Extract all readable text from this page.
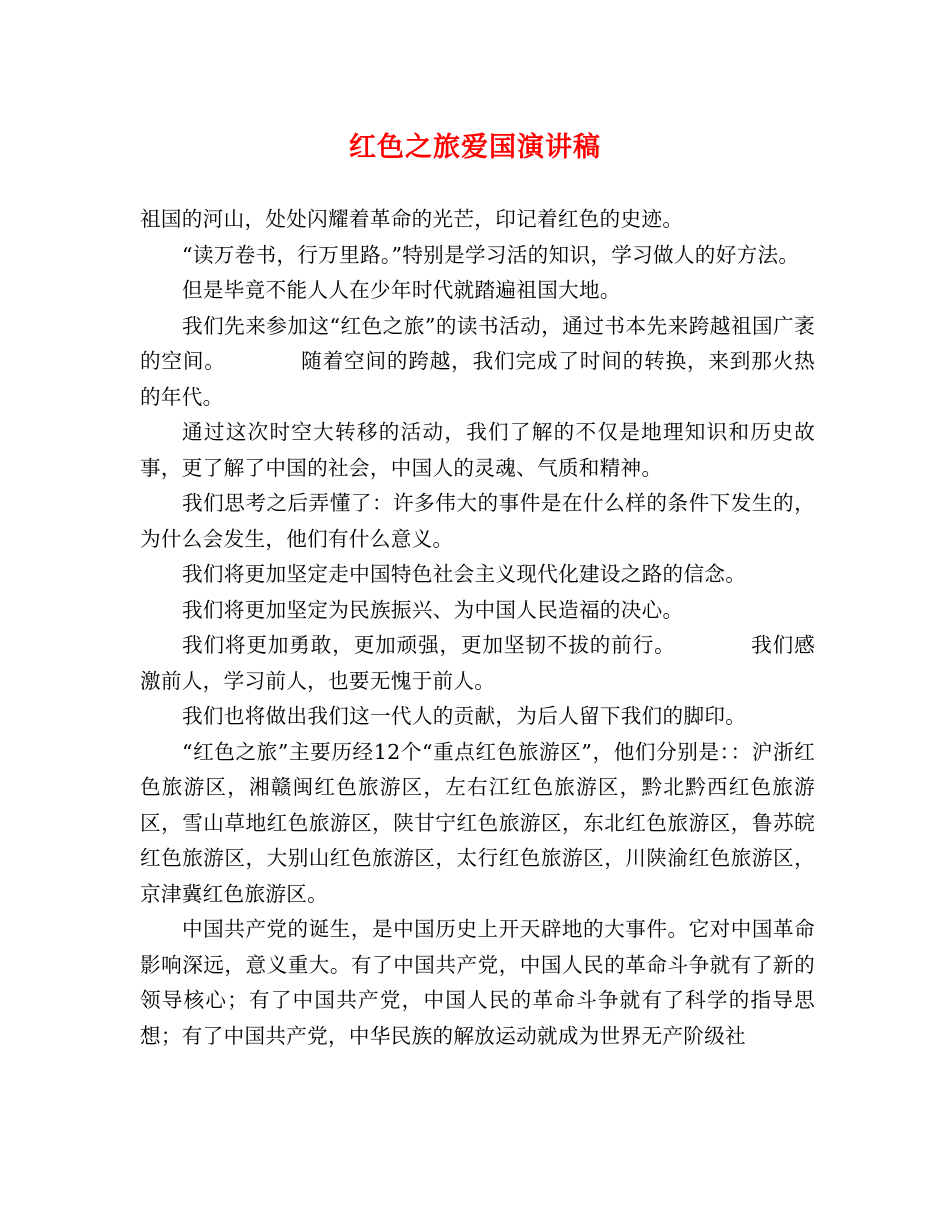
红色之旅爱国演讲稿

祖国的河山，处处闪耀着革命的光芒，印记着红色的史迹。

“读万卷书，行万里路。”特别是学习活的知识，学习做人的好方法。

但是毕竟不能人人在少年时代就踏遍祖国大地。

我们先来参加这“红色之旅”的读书活动，通过书本先来跨越祖国广袤的空间。　　　　随着空间的跨越，我们完成了时间的转换，来到那火热的年代。

通过这次时空大转移的活动，我们了解的不仅是地理知识和历史故事，更了解了中国的社会，中国人的灵魂、气质和精神。

我们思考之后弄懂了：许多伟大的事件是在什么样的条件下发生的，为什么会发生，他们有什么意义。

我们将更加坚定走中国特色社会主义现代化建设之路的信念。

我们将更加坚定为民族振兴、为中国人民造福的决心。

我们将更加勇敢，更加顽强，更加坚韧不拔的前行。　　　　我们感激前人，学习前人，也要无愧于前人。

我们也将做出我们这一代人的贡献，为后人留下我们的脚印。

“红色之旅”主要历经12个“重点红色旅游区”，他们分别是：：沪浙红色旅游区，湘赣闽红色旅游区，左右江红色旅游区，黔北黔西红色旅游区，雪山草地红色旅游区，陕甘宁红色旅游区，东北红色旅游区，鲁苏皖红色旅游区，大别山红色旅游区，太行红色旅游区，川陕渝红色旅游区，京津冀红色旅游区。

中国共产党的诞生，是中国历史上开天辟地的大事件。它对中国革命影响深远，意义重大。有了中国共产党，中国人民的革命斗争就有了新的领导核心；有了中国共产党，中国人民的革命斗争就有了科学的指导思想；有了中国共产党，中华民族的解放运动就成为世界无产阶级社
